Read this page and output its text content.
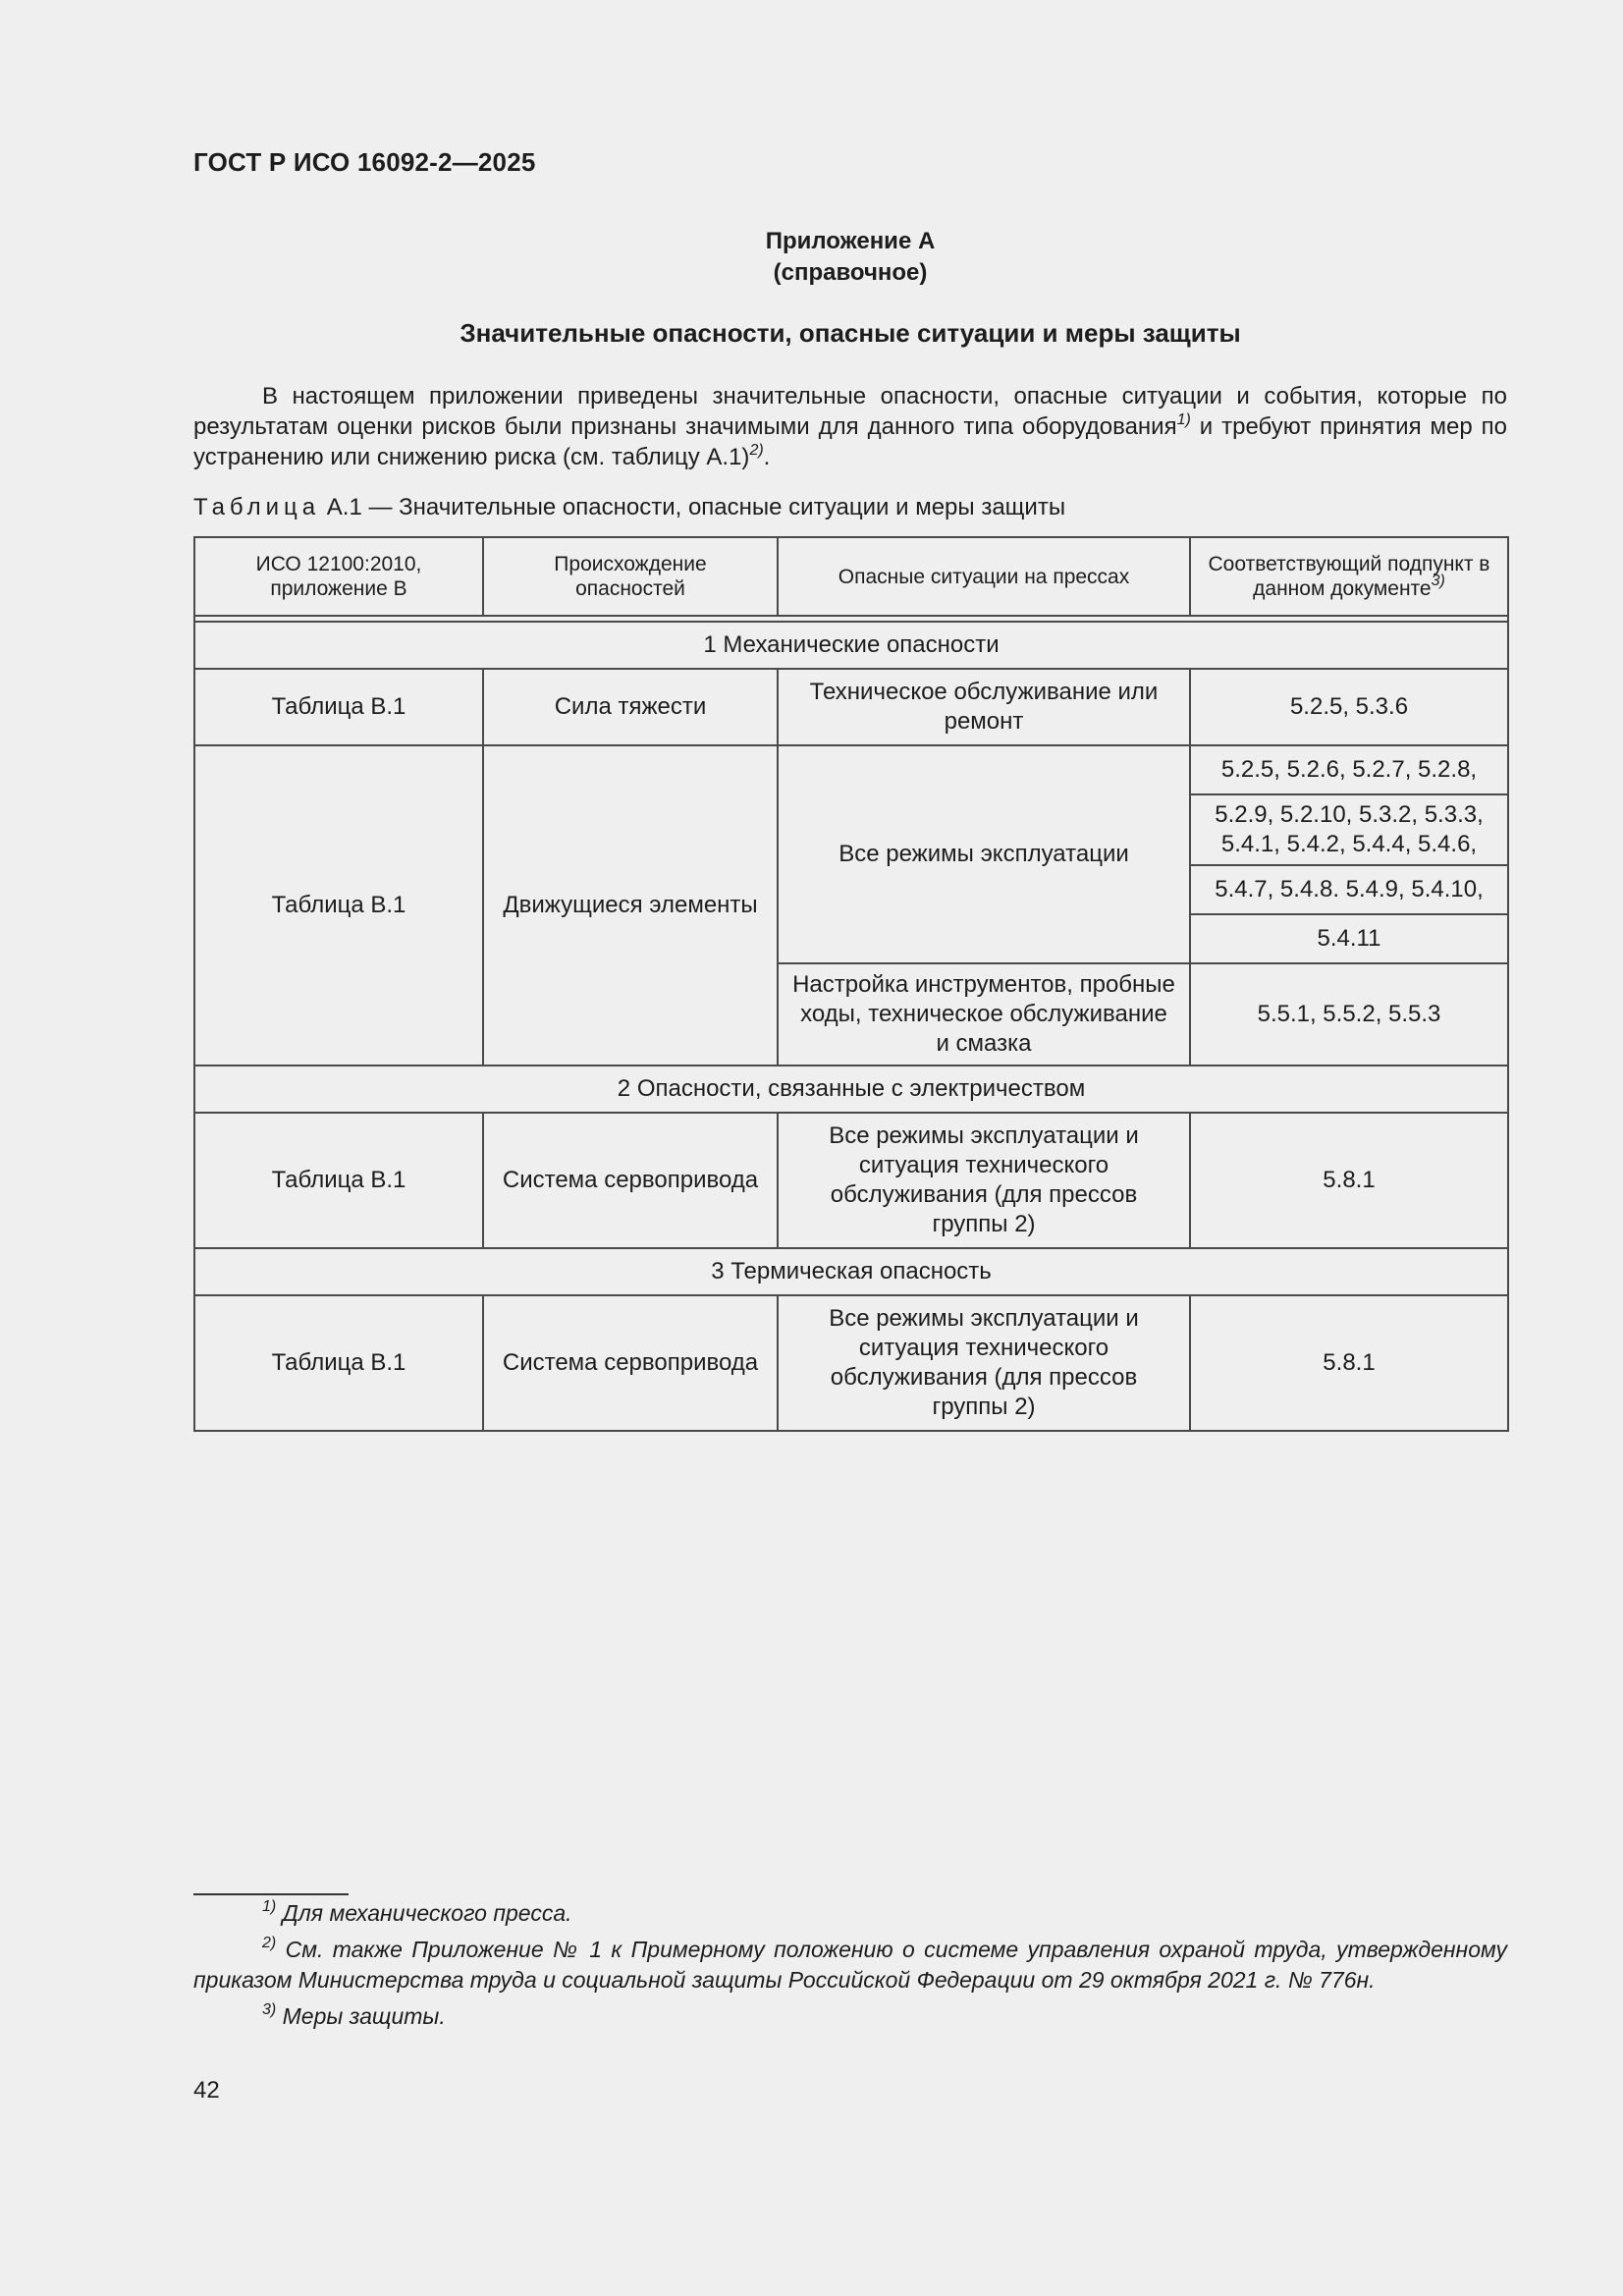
ГОСТ Р ИСО 16092-2—2025
Приложение А
(справочное)
Значительные опасности, опасные ситуации и меры защиты

В настоящем приложении приведены значительные опасности, опасные ситуации и события, которые по результатам оценки рисков были признаны значимыми для данного типа оборудования$^{1)}$ и требуют принятия мер по устранению или снижению риска (см. таблицу А.1)$^{2)}$.

Таблица А.1 — Значительные опасности, опасные ситуации и меры защиты
ИСО 12100:2010, приложение В	Происхождение опасностей	Опасные ситуации на прессах	Соответствующий подпункт в данном документе$^{3)}$

1 Механические опасности			
Таблица В.1	Сила тяжести	Техническое обслуживание или ремонт	5.2.5, 5.3.6
Таблица В.1	Движущиеся элементы	Все режимы эксплуатации	5.2.5, 5.2.6, 5.2.7, 5.2.8,
			5.2.9, 5.2.10, 5.3.2, 5.3.3, 5.4.1, 5.4.2, 5.4.4, 5.4.6,
			5.4.7, 5.4.8. 5.4.9, 5.4.10,
			5.4.11
		Настройка инструментов, пробные ходы, техническое обслуживание и смазка	5.5.1, 5.5.2, 5.5.3
2 Опасности, связанные с электричеством			
Таблица В.1	Система сервопривода	Все режимы эксплуатации и ситуация технического обслуживания (для прессов группы 2)	5.8.1
3 Термическая опасность			
Таблица В.1	Система сервопривода	Все режимы эксплуатации и ситуация технического обслуживания (для прессов группы 2)	5.8.1

$^{1)}$ Для механического пресса.

$^{2)}$ См. также Приложение № 1 к Примерному положению о системе управления охраной труда, утвержденному приказом Министерства труда и социальной защиты Российской Федерации от 29 октября 2021 г. № 776н.

$^{3)}$ Меры защиты.

42
